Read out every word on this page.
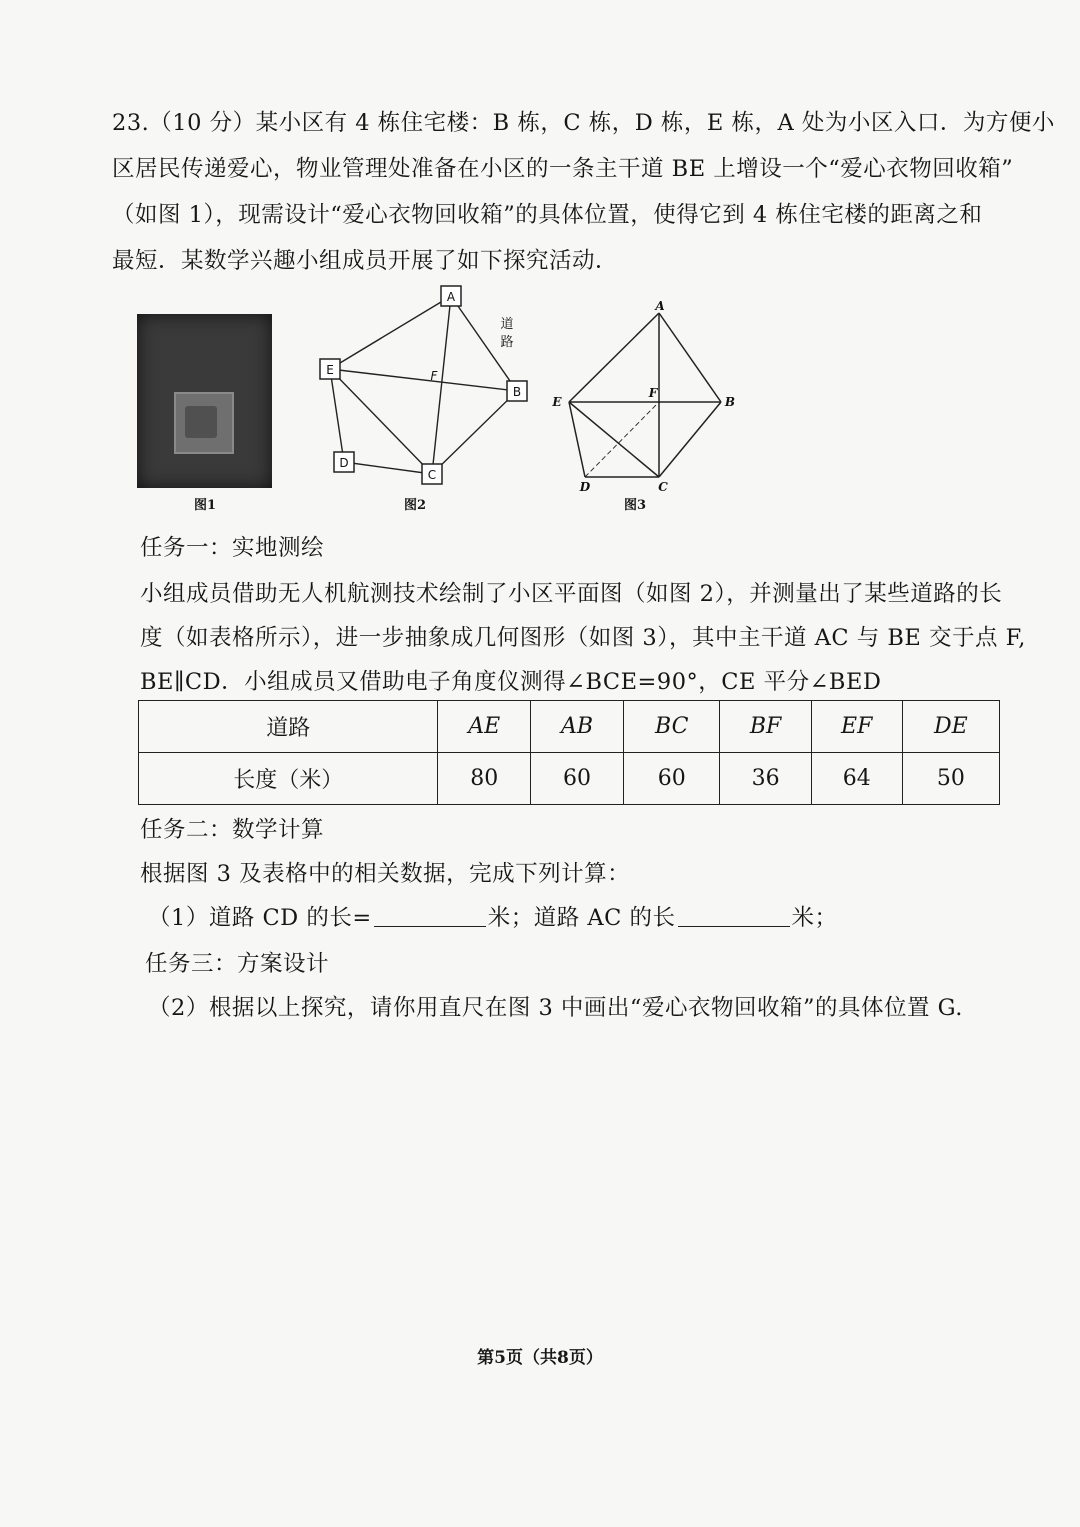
23.（10 分）某小区有 4 栋住宅楼：B 栋，C 栋，D 栋，E 栋，A 处为小区入口．为方便小
区居民传递爱心，物业管理处准备在小区的一条主干道 BE 上增设一个“爱心衣物回收箱”
（如图 1），现需设计“爱心衣物回收箱”的具体位置，使得它到 4 栋住宅楼的距离之和
最短．某数学兴趣小组成员开展了如下探究活动．
图1
A
E
B
D
C
F
道
路
图2
A
E	B
F
D	C
图3
任务一：实地测绘
小组成员借助无人机航测技术绘制了小区平面图（如图 2），并测量出了某些道路的长
度（如表格所示），进一步抽象成几何图形（如图 3），其中主干道 AC 与 BE 交于点 F,
BE∥CD．小组成员又借助电子角度仪测得∠BCE=90°，CE 平分∠BED
道路	AE	AB	BC	BF	EF	DE
长度（米）	80	60	60	36	64	50
任务二：数学计算
根据图 3 及表格中的相关数据，完成下列计算：
（1）道路 CD 的长=	米；道路 AC 的长	米；
任务三：方案设计
（2）根据以上探究，请你用直尺在图 3 中画出“爱心衣物回收箱”的具体位置 G.
第5页（共8页）
